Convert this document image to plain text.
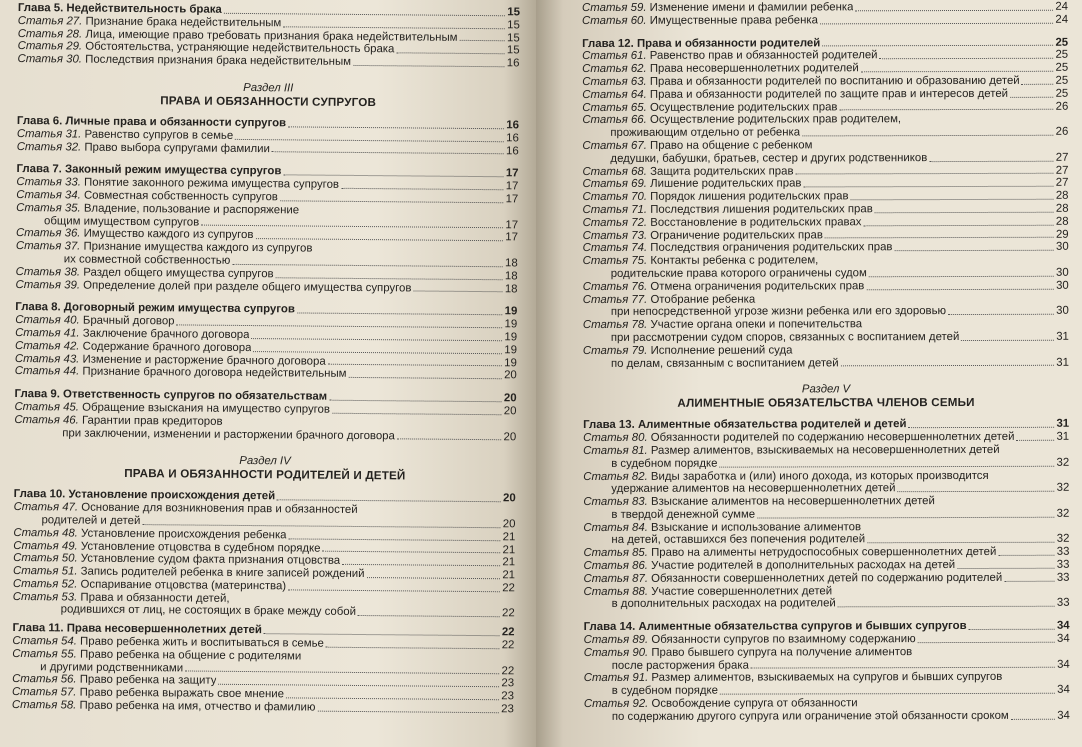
Глава 5. Недействительность брака	15
Статья 27. Признание брака недействительным	15
Статья 28. Лица, имеющие право требовать признания брака недействительным	15
Статья 29. Обстоятельства, устраняющие недействительность брака	15
Статья 30. Последствия признания брака недействительным	16
Раздел III
ПРАВА И ОБЯЗАННОСТИ СУПРУГОВ
Глава 6. Личные права и обязанности супругов	16
Статья 31. Равенство супругов в семье	16
Статья 32. Право выбора супругами фамилии	16
Глава 7. Законный режим имущества супругов	17
Статья 33. Понятие законного режима имущества супругов	17
Статья 34. Совместная собственность супругов	17
Статья 35. Владение, пользование и распоряжение
общим имуществом супругов	17
Статья 36. Имущество каждого из супругов	17
Статья 37. Признание имущества каждого из супругов
их совместной собственностью	18
Статья 38. Раздел общего имущества супругов	18
Статья 39. Определение долей при разделе общего имущества супругов	18
Глава 8. Договорный режим имущества супругов	19
Статья 40. Брачный договор	19
Статья 41. Заключение брачного договора	19
Статья 42. Содержание брачного договора	19
Статья 43. Изменение и расторжение брачного договора	19
Статья 44. Признание брачного договора недействительным	20
Глава 9. Ответственность супругов по обязательствам	20
Статья 45. Обращение взыскания на имущество супругов	20
Статья 46. Гарантии прав кредиторов
при заключении, изменении и расторжении брачного договора	20
Раздел IV
ПРАВА И ОБЯЗАННОСТИ РОДИТЕЛЕЙ И ДЕТЕЙ
Глава 10. Установление происхождения детей	20
Статья 47. Основание для возникновения прав и обязанностей
родителей и детей	20
Статья 48. Установление происхождения ребенка	21
Статья 49. Установление отцовства в судебном порядке	21
Статья 50. Установление судом факта признания отцовства	21
Статья 51. Запись родителей ребенка в книге записей рождений	21
Статья 52. Оспаривание отцовства (материнства)	22
Статья 53. Права и обязанности детей,
родившихся от лиц, не состоящих в браке между собой	22
Глава 11. Права несовершеннолетних детей	22
Статья 54. Право ребенка жить и воспитываться в семье	22
Статья 55. Право ребенка на общение с родителями
и другими родственниками	22
Статья 56. Право ребенка на защиту	23
Статья 57. Право ребенка выражать свое мнение	23
Статья 58. Право ребенка на имя, отчество и фамилию	23
Статья 59. Изменение имени и фамилии ребенка	24
Статья 60. Имущественные права ребенка	24
Глава 12. Права и обязанности родителей	25
Статья 61. Равенство прав и обязанностей родителей	25
Статья 62. Права несовершеннолетних родителей	25
Статья 63. Права и обязанности родителей по воспитанию и образованию детей	25
Статья 64. Права и обязанности родителей по защите прав и интересов детей	25
Статья 65. Осуществление родительских прав	26
Статья 66. Осуществление родительских прав родителем,
проживающим отдельно от ребенка	26
Статья 67. Право на общение с ребенком
дедушки, бабушки, братьев, сестер и других родственников	27
Статья 68. Защита родительских прав	27
Статья 69. Лишение родительских прав	27
Статья 70. Порядок лишения родительских прав	28
Статья 71. Последствия лишения родительских прав	28
Статья 72. Восстановление в родительских правах	28
Статья 73. Ограничение родительских прав	29
Статья 74. Последствия ограничения родительских прав	30
Статья 75. Контакты ребенка с родителем,
родительские права которого ограничены судом	30
Статья 76. Отмена ограничения родительских прав	30
Статья 77. Отобрание ребенка
при непосредственной угрозе жизни ребенка или его здоровью	30
Статья 78. Участие органа опеки и попечительства
при рассмотрении судом споров, связанных с воспитанием детей	31
Статья 79. Исполнение решений суда
по делам, связанным с воспитанием детей	31
Раздел V
АЛИМЕНТНЫЕ ОБЯЗАТЕЛЬСТВА ЧЛЕНОВ СЕМЬИ
Глава 13. Алиментные обязательства родителей и детей	31
Статья 80. Обязанности родителей по содержанию несовершеннолетних детей	31
Статья 81. Размер алиментов, взыскиваемых на несовершеннолетних детей
в судебном порядке	32
Статья 82. Виды заработка и (или) иного дохода, из которых производится
удержание алиментов на несовершеннолетних детей	32
Статья 83. Взыскание алиментов на несовершеннолетних детей
в твердой денежной сумме	32
Статья 84. Взыскание и использование алиментов
на детей, оставшихся без попечения родителей	32
Статья 85. Право на алименты нетрудоспособных совершеннолетних детей	33
Статья 86. Участие родителей в дополнительных расходах на детей	33
Статья 87. Обязанности совершеннолетних детей по содержанию родителей	33
Статья 88. Участие совершеннолетних детей
в дополнительных расходах на родителей	33
Глава 14. Алиментные обязательства супругов и бывших супругов	34
Статья 89. Обязанности супругов по взаимному содержанию	34
Статья 90. Право бывшего супруга на получение алиментов
после расторжения брака	34
Статья 91. Размер алиментов, взыскиваемых на супругов и бывших супругов
в судебном порядке	34
Статья 92. Освобождение супруга от обязанности
по содержанию другого супруга или ограничение этой обязанности сроком	34
